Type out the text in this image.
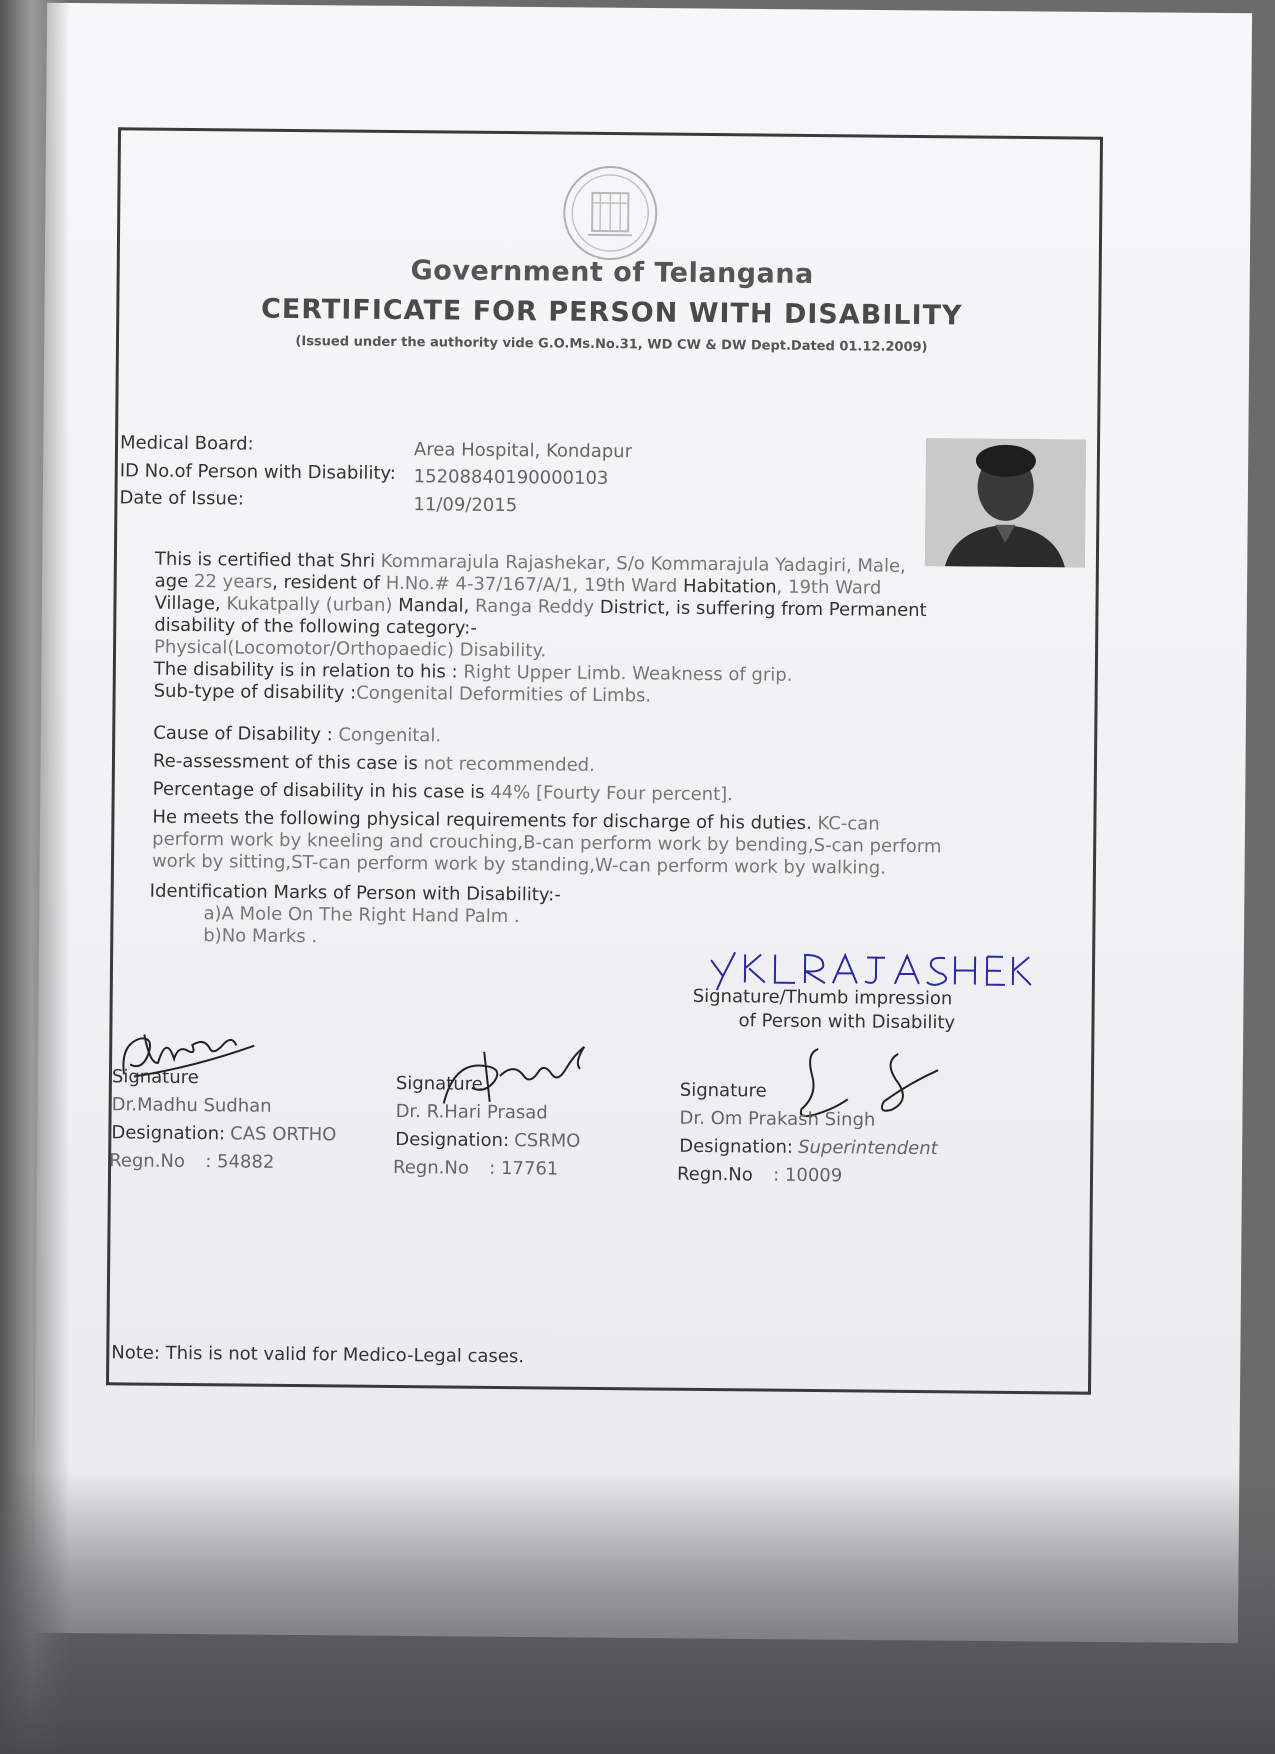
Government of Telangana
CERTIFICATE FOR PERSON WITH DISABILITY
(Issued under the authority vide G.O.Ms.No.31, WD CW & DW Dept.Dated 01.12.2009)
Medical Board:	Area Hospital, Kondapur
ID No.of Person with Disability: 15208840190000103
Date of Issue:	11/09/2015
This is certified that Shri Kommarajula Rajashekar, S/o Kommarajula Yadagiri, Male,
age 22 years, resident of H.No.# 4-37/167/A/1, 19th Ward Habitation, 19th Ward
Village, Kukatpally (urban) Mandal, Ranga Reddy District, is suffering from Permanent
disability of the following category:-
Physical(Locomotor/Orthopaedic) Disability.
The disability is in relation to his : Right Upper Limb. Weakness of grip.
Sub-type of disability :Congenital Deformities of Limbs.
Cause of Disability : Congenital.
Re-assessment of this case is not recommended.
Percentage of disability in his case is 44% [Fourty Four percent].
He meets the following physical requirements for discharge of his duties. KC-can
perform work by kneeling and crouching,B-can perform work by bending,S-can perform
work by sitting,ST-can perform work by standing,W-can perform work by walking.
Identification Marks of Person with Disability:-
a)A Mole On The Right Hand Palm .
b)No Marks .
Signature/Thumb impression
of Person with Disability
Signature
Dr.Madhu Sudhan
Designation: CAS ORTHO
Regn.No : 54882
Signature
Dr. R.Hari Prasad
Designation: CSRMO
Regn.No : 17761
Signature
Dr. Om Prakash Singh
Designation: Superintendent
Regn.No : 10009
Note: This is not valid for Medico-Legal cases.
